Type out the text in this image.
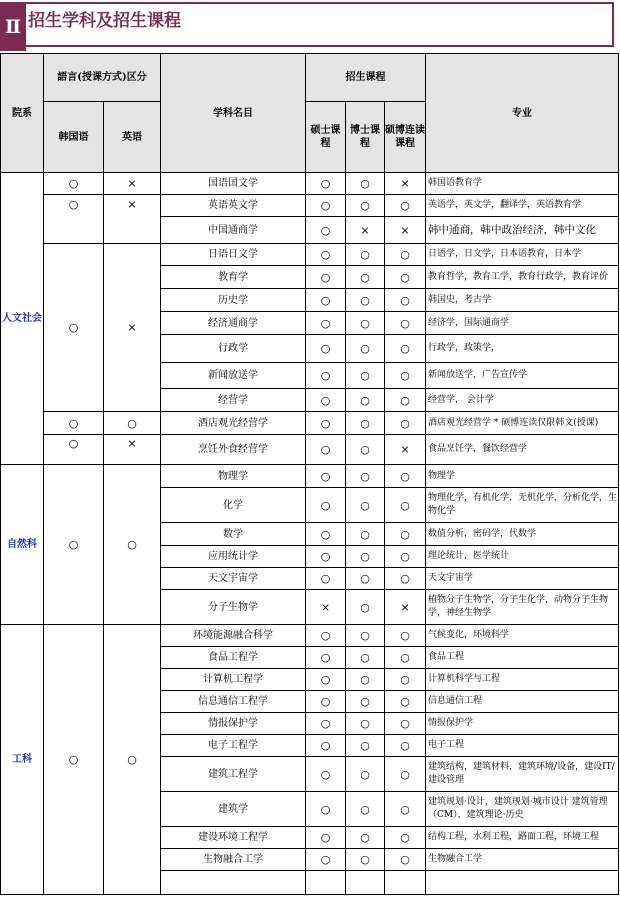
Ⅱ 招生学科及招生课程
院系	語言(授课方式)区分		学科名目	招生课程			专业
	韩国语	英语		硕士课程	博士课程	硕博连读课程	
人文社会	○	×	国语国文学	○	○	×	韩国语教育学
	○	×	英语英文学	○	○	○	英语学，英文学，翻译学，英语教育学
			中国通商学	○	×	×	韩中通商，韩中政治经济，韩中文化
	○	×	日语日文学	○	○	○	日语学，日文学，日本语教育，日本学
			教育学	○	○	○	教育哲学，教育工学，教育行政学，教育评价
			历史学	○	○	○	韩国史，考古学
			经济通商学	○	○	○	经济学，国际通商学
			行政学	○	○	○	行政学，政策学，
			新闻放送学	○	○	○	新闻放送学，广告宣传学
			经营学	○	○	○	经营学， 会计学
	○	○	酒店观光经营学	○	○	○	酒店观光经营学 * 硕博连读仅限韩文(授课)
	○	×	烹饪外食经营学	○	○	×	食品烹饪学，餐饮经营学
自然科	○	○	物理学	○	○	○	物理学
			化学	○	○	○	物理化学，有机化学，无机化学，分析化学，生物化学
			数学	○	○	○	数值分析，密码学，代数学
			应用统计学	○	○	○	理论统计，医学统计
			天文宇宙学	○	○	○	天文宇宙学
			分子生物学	×	○	×	植物分子生物学，分子生化学，动物分子生物学，神经生物学
工科	○	○	环境能源融合科学	○	○	○	气候变化，环境科学
			食品工程学	○	○	○	食品工程
			计算机工程学	○	○	○	计算机科学与工程
			信息通信工程学	○	○	○	信息通信工程
			情报保护学	○	○	○	情报保护学
			电子工程学	○	○	○	电子工程
			建筑工程学	○	○	○	建筑结构，建筑材料，建筑环境/设备，建设IT/建设管理
			建筑学	○	○	○	建筑规划·设计，建筑规划·城市设计 建筑管理（CM），建筑理论·历史
			建设环境工程学	○	○	○	结构工程，水利工程，路面工程，环境工程
			生物融合工学	○	○	○	生物融合工学
